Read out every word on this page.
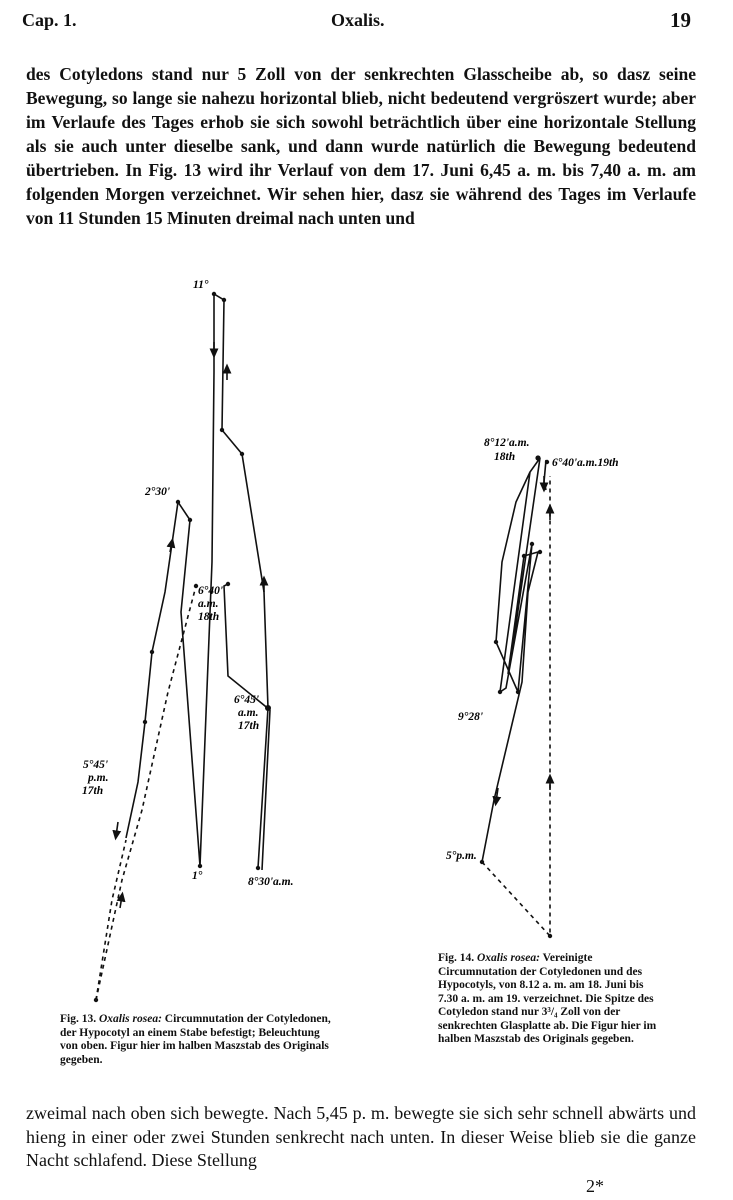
Cap. 1.	Oxalis.	19

des Cotyledons stand nur 5 Zoll von der senkrechten Glasscheibe ab, so dasz seine Bewegung, so lange sie nahezu horizontal blieb, nicht bedeutend vergröszert wurde; aber im Verlaufe des Tages erhob sie sich sowohl beträchtlich über eine horizontale Stellung als sie auch unter dieselbe sank, und dann wurde natürlich die Bewegung bedeutend übertrieben. In Fig. 13 wird ihr Verlauf von dem 17. Juni 6,45 a. m. bis 7,40 a. m. am folgenden Morgen verzeichnet. Wir sehen hier, dasz sie während des Tages im Verlaufe von 11 Stunden 15 Minuten dreimal nach unten und

11°
2°30'
6°40'
a.m.
18th
6°45'
a.m.
17th
5°45'
p.m.
17th
1°	8°30'a.m.
8°12'a.m.
18th	6°40'a.m.19th
9°28'
5°p.m.
Fig. 13. Oxalis rosea: Circumnutation der Cotyledonen, der Hypocotyl an einem Stabe befestigt; Beleuchtung von oben. Figur hier im halben Maszstab des Originals gegeben.
Fig. 14. Oxalis rosea: Vereinigte Circumnutation der Cotyledonen und des Hypocotyls, von 8.12 a. m. am 18. Juni bis 7.30 a. m. am 19. verzeichnet. Die Spitze des Cotyledon stand nur 3³/₄ Zoll von der senkrechten Glasplatte ab. Die Figur hier im halben Maszstab des Originals gegeben.

zweimal nach oben sich bewegte. Nach 5,45 p. m. bewegte sie sich sehr schnell abwärts und hieng in einer oder zwei Stunden senkrecht nach unten. In dieser Weise blieb sie die ganze Nacht schlafend. Diese Stellung

2*
